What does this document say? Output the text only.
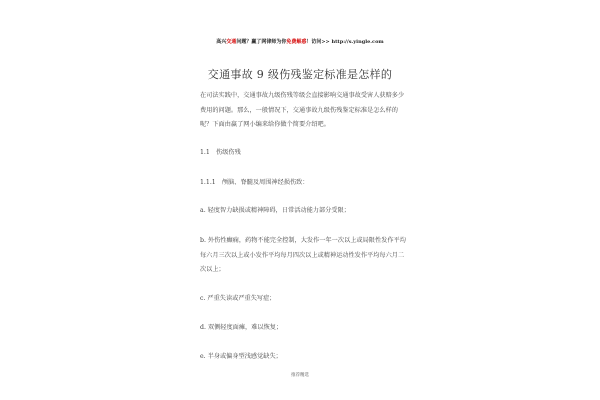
高兴交通问题？赢了网律师为你免费解惑！访问>> http://s.yingle.com
交通事故 9 级伤残鉴定标准是怎样的

在司法实践中，交通事故九级伤残等级会直接影响交通事故受害人获赔多少费用的问题。那么，一般情况下，交通事故九级伤残鉴定标准是怎么样的呢？下面由赢了网小编来给你做个简要介绍吧。

1.1　伤级伤残
1.1.1　颅脑、脊髓及周围神经损伤致：

a. 轻度智力缺损或精神障碍，日常活动能力部分受限；

b. 外伤性癫痫，药物不能完全控制，大发作一年一次以上或局限性发作平均每六月三次以上或小发作平均每月四次以上或精神运动性发作平均每六月二次以上；

c. 严重失读或严重失写症；

d. 双侧轻度面瘫，难以恢复；

e. 半身或偏身型浅感觉缺失；

推荐精选
